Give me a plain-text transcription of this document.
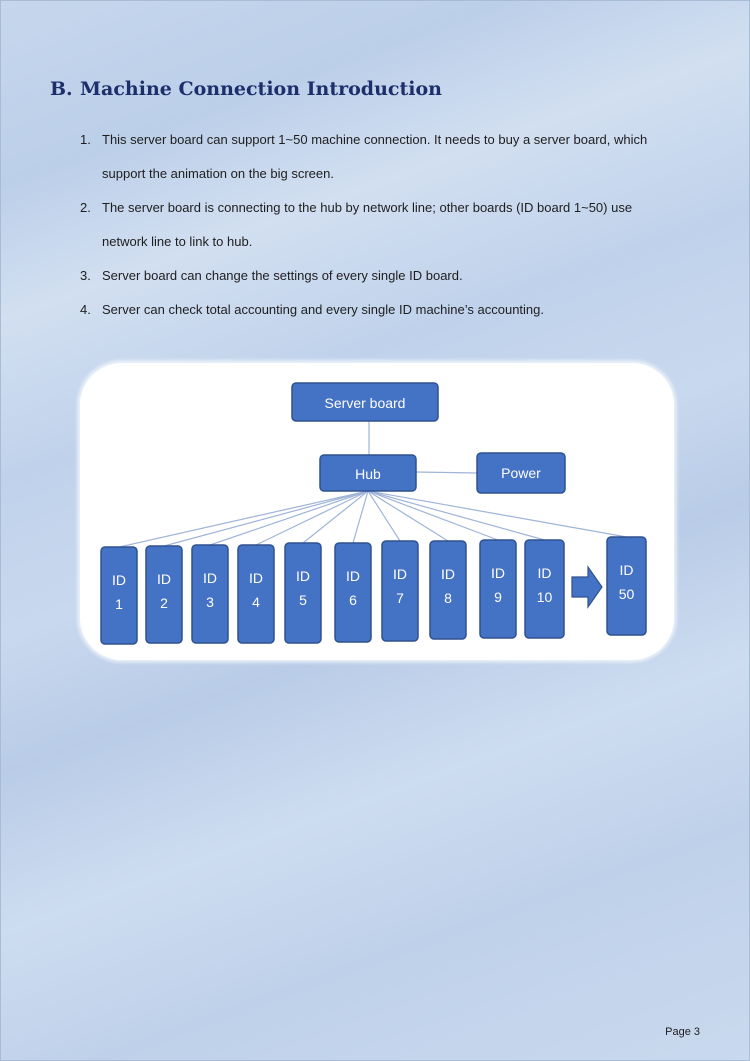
B. Machine Connection Introduction
1. This server board can support 1~50 machine connection. It needs to buy a server board, which
support the animation on the big screen.
2. The server board is connecting to the hub by network line; other boards (ID board 1~50) use
network line to link to hub.
3. Server board can change the settings of every single ID board.
4. Server can check total accounting and every single ID machine’s accounting.
Server board
Hub	Power
ID
1
ID
2
ID
3
ID
4
ID
5
ID
6
ID
7
ID
8
ID
9
ID
10
ID
50
Page 3
